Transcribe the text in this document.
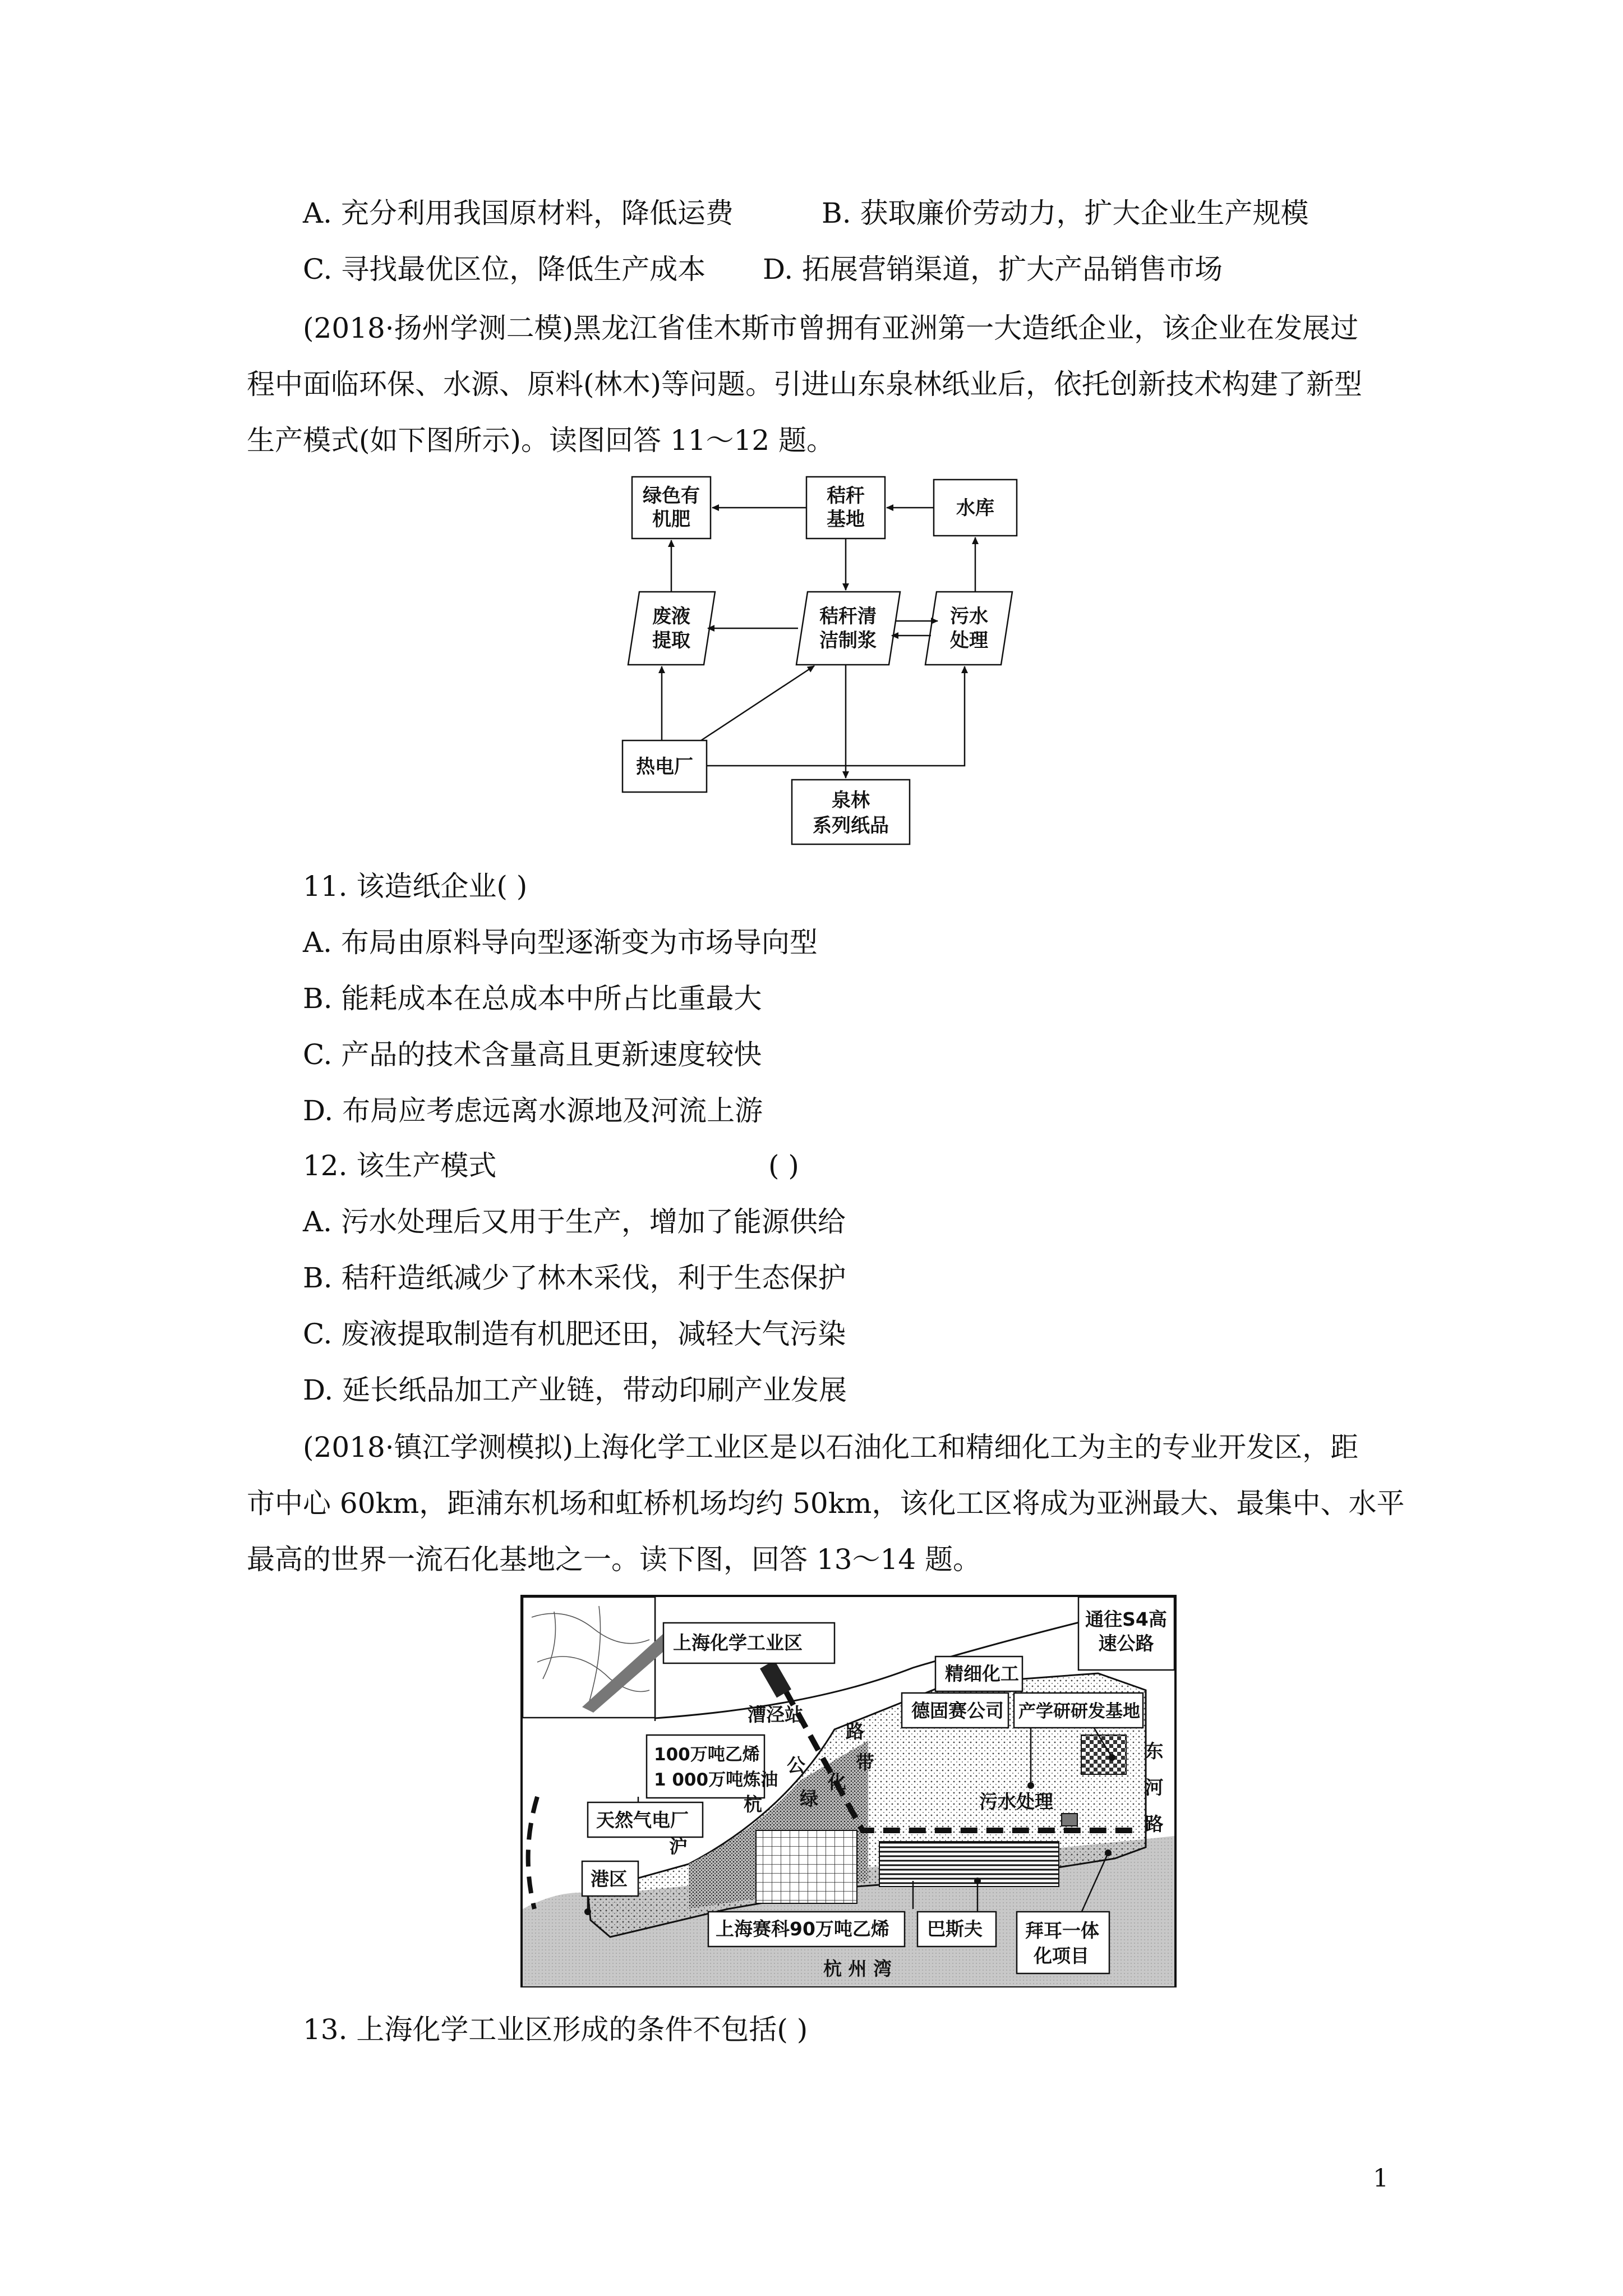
A. 充分利用我国原材料，降低运费	B. 获取廉价劳动力，扩大企业生产规模
C. 寻找最优区位，降低生产成本 D. 拓展营销渠道，扩大产品销售市场
(2018·扬州学测二模)黑龙江省佳木斯市曾拥有亚洲第一大造纸企业，该企业在发展过
程中面临环保、水源、原料(林木)等问题。引进山东泉林纸业后，依托创新技术构建了新型
生产模式(如下图所示)。读图回答 11～12 题。
绿色有
机肥
秸秆
基地	水库
废液
提取
秸秆清
洁制浆
污水
处理
热电厂
泉林
系列纸品
11. 该造纸企业( )
A. 布局由原料导向型逐渐变为市场导向型
B. 能耗成本在总成本中所占比重最大
C. 产品的技术含量高且更新速度较快
D. 布局应考虑远离水源地及河流上游
12. 该生产模式	( )
A. 污水处理后又用于生产，增加了能源供给
B. 秸秆造纸减少了林木采伐，利于生态保护
C. 废液提取制造有机肥还田，减轻大气污染
D. 延长纸品加工产业链，带动印刷产业发展
(2018·镇江学测模拟)上海化学工业区是以石油化工和精细化工为主的专业开发区，距
市中心 60km，距浦东机场和虹桥机场均约 50km，该化工区将成为亚洲最大、最集中、水平
最高的世界一流石化基地之一。读下图，回答 13～14 题。
上海化学工业区
通往S4高
速公路
精细化工
漕泾站	德固赛公司 产学研研发基地
100万吨乙烯
1 000万吨炼油
东
河
路
污水处理
绿
化
带
沪
杭
公
路
天然气电厂
港区
上海赛科90万吨乙烯 巴斯夫 拜耳一体
化项目
杭 州 湾
13. 上海化学工业区形成的条件不包括( )
1
